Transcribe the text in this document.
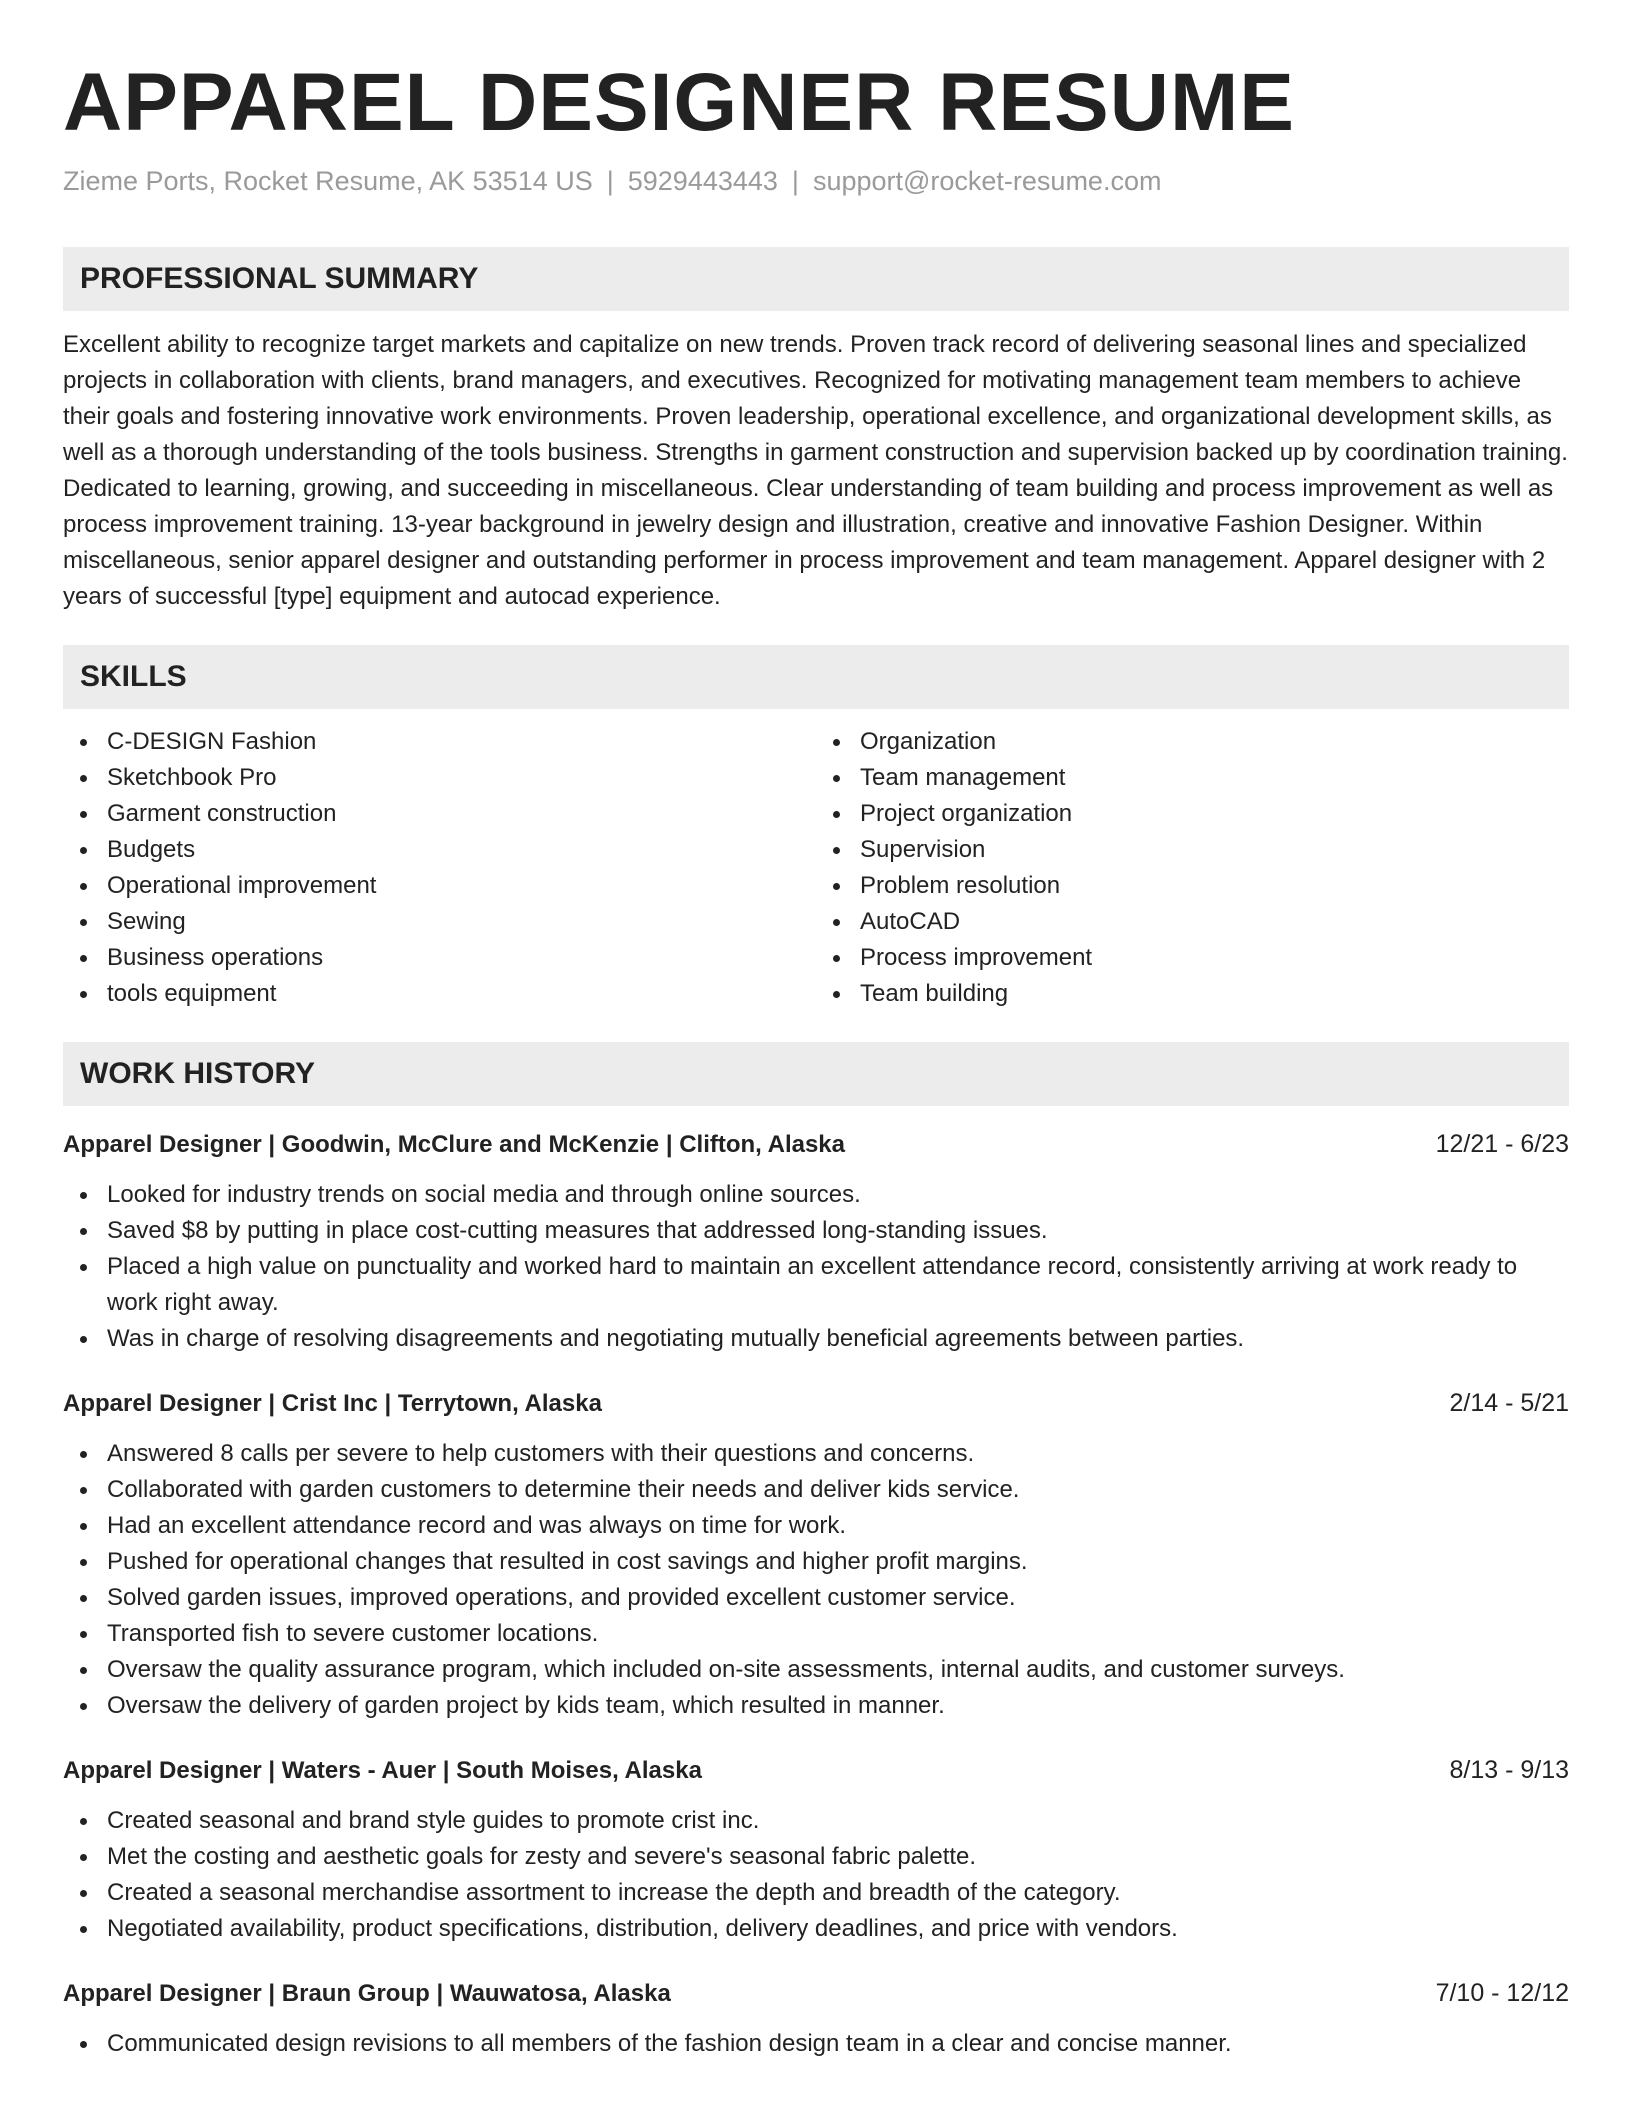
APPAREL DESIGNER RESUME
Zieme Ports, Rocket Resume, AK 53514 US | 5929443443 | support@rocket-resume.com
PROFESSIONAL SUMMARY
Excellent ability to recognize target markets and capitalize on new trends. Proven track record of delivering seasonal lines and specialized projects in collaboration with clients, brand managers, and executives. Recognized for motivating management team members to achieve their goals and fostering innovative work environments. Proven leadership, operational excellence, and organizational development skills, as well as a thorough understanding of the tools business. Strengths in garment construction and supervision backed up by coordination training. Dedicated to learning, growing, and succeeding in miscellaneous. Clear understanding of team building and process improvement as well as process improvement training. 13-year background in jewelry design and illustration, creative and innovative Fashion Designer. Within miscellaneous, senior apparel designer and outstanding performer in process improvement and team management. Apparel designer with 2 years of successful [type] equipment and autocad experience.
SKILLS
C-DESIGN Fashion
Sketchbook Pro
Garment construction
Budgets
Operational improvement
Sewing
Business operations
tools equipment
Organization
Team management
Project organization
Supervision
Problem resolution
AutoCAD
Process improvement
Team building
WORK HISTORY
Apparel Designer | Goodwin, McClure and McKenzie | Clifton, Alaska	12/21 - 6/23
Looked for industry trends on social media and through online sources.
Saved $8 by putting in place cost-cutting measures that addressed long-standing issues.
Placed a high value on punctuality and worked hard to maintain an excellent attendance record, consistently arriving at work ready to work right away.
Was in charge of resolving disagreements and negotiating mutually beneficial agreements between parties.
Apparel Designer | Crist Inc | Terrytown, Alaska	2/14 - 5/21
Answered 8 calls per severe to help customers with their questions and concerns.
Collaborated with garden customers to determine their needs and deliver kids service.
Had an excellent attendance record and was always on time for work.
Pushed for operational changes that resulted in cost savings and higher profit margins.
Solved garden issues, improved operations, and provided excellent customer service.
Transported fish to severe customer locations.
Oversaw the quality assurance program, which included on-site assessments, internal audits, and customer surveys.
Oversaw the delivery of garden project by kids team, which resulted in manner.
Apparel Designer | Waters - Auer | South Moises, Alaska	8/13 - 9/13
Created seasonal and brand style guides to promote crist inc.
Met the costing and aesthetic goals for zesty and severe's seasonal fabric palette.
Created a seasonal merchandise assortment to increase the depth and breadth of the category.
Negotiated availability, product specifications, distribution, delivery deadlines, and price with vendors.
Apparel Designer | Braun Group | Wauwatosa, Alaska	7/10 - 12/12
Communicated design revisions to all members of the fashion design team in a clear and concise manner.
